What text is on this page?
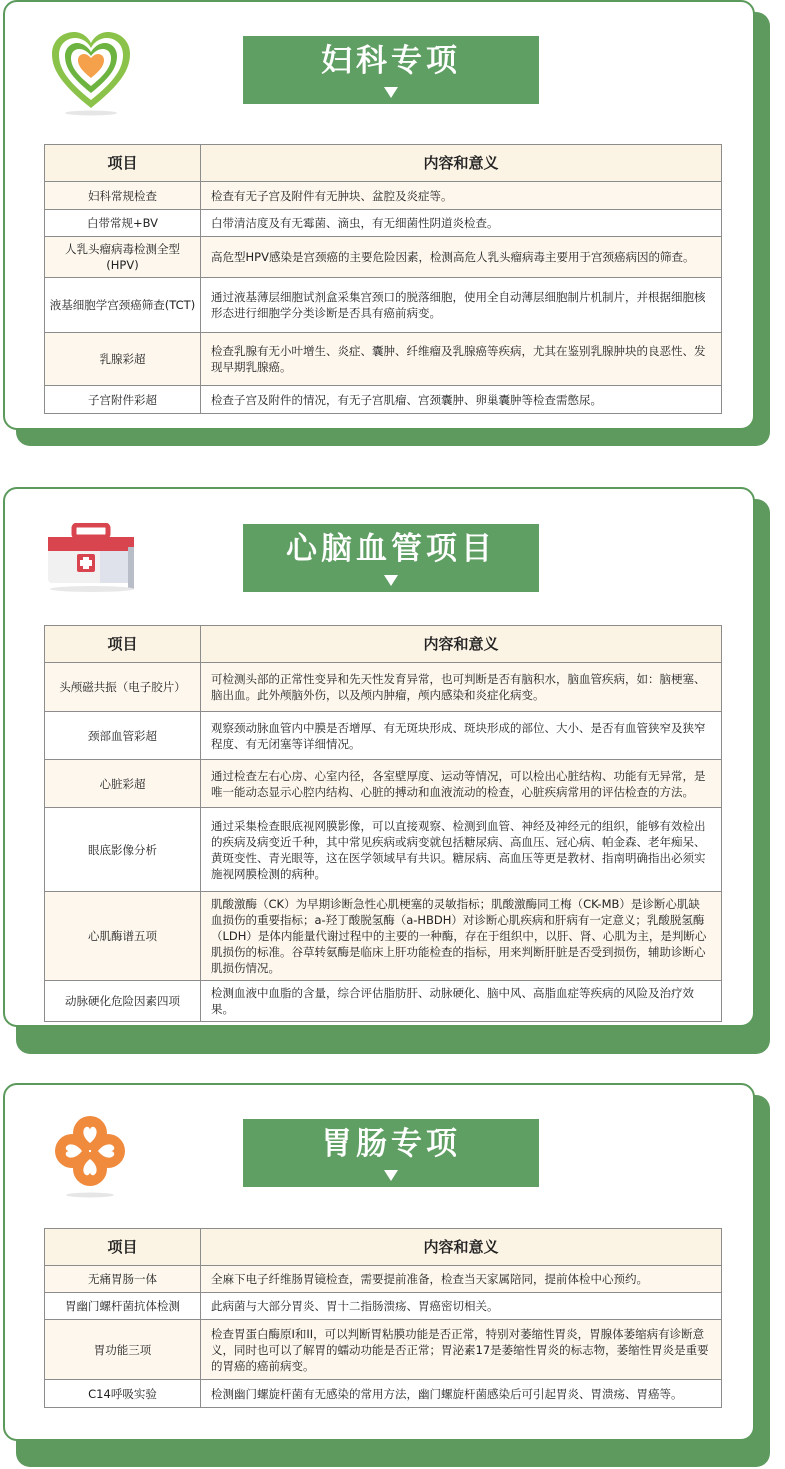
妇科专项
项目	内容和意义
妇科常规检查	检查有无子宫及附件有无肿块、盆腔及炎症等。
白带常规+BV	白带清洁度及有无霉菌、滴虫，有无细菌性阴道炎检查。
人乳头瘤病毒检测全型(HPV)	高危型HPV感染是宫颈癌的主要危险因素，检测高危人乳头瘤病毒主要用于宫颈癌病因的筛查。
液基细胞学宫颈癌筛查(TCT)	通过液基薄层细胞试剂盒采集宫颈口的脱落细胞，使用全自动薄层细胞制片机制片，并根据细胞核形态进行细胞学分类诊断是否具有癌前病变。
乳腺彩超	检查乳腺有无小叶增生、炎症、囊肿、纤维瘤及乳腺癌等疾病，尤其在鉴别乳腺肿块的良恶性、发现早期乳腺癌。
子宫附件彩超	检查子宫及附件的情况，有无子宫肌瘤、宫颈囊肿、卵巢囊肿等检查需憋尿。
心脑血管项目
项目	内容和意义
头颅磁共振（电子胶片）	可检测头部的正常性变异和先天性发育异常，也可判断是否有脑积水，脑血管疾病，如：脑梗塞、脑出血。此外颅脑外伤，以及颅内肿瘤，颅内感染和炎症化病变。
颈部血管彩超	观察颈动脉血管内中膜是否增厚、有无斑块形成、斑块形成的部位、大小、是否有血管狭窄及狭窄程度、有无闭塞等详细情况。
心脏彩超	通过检查左右心房、心室内径，各室壁厚度、运动等情况，可以检出心脏结构、功能有无异常，是唯一能动态显示心腔内结构、心脏的搏动和血液流动的检查，心脏疾病常用的评估检查的方法。
眼底影像分析	通过采集检查眼底视网膜影像，可以直接观察、检测到血管、神经及神经元的组织，能够有效检出的疾病及病变近千种，其中常见疾病或病变就包括糖尿病、高血压、冠心病、帕金森、老年痴呆、黄斑变性、青光眼等，这在医学领域早有共识。糖尿病、高血压等更是教材、指南明确指出必须实施视网膜检测的病种。
心肌酶谱五项	肌酸激酶（CK）为早期诊断急性心肌梗塞的灵敏指标；肌酸激酶同工梅（CK-MB）是诊断心肌缺血损伤的重要指标；a-羟丁酸脱氢酶（a-HBDH）对诊断心肌疾病和肝病有一定意义；乳酸脱氢酶（LDH）是体内能量代谢过程中的主要的一种酶，存在于组织中，以肝、肾、心肌为主，是判断心肌损伤的标准。谷草转氨酶是临床上肝功能检查的指标，用来判断肝脏是否受到损伤，辅助诊断心肌损伤情况。
动脉硬化危险因素四项	检测血液中血脂的含量，综合评估脂肪肝、动脉硬化、脑中风、高脂血症等疾病的风险及治疗效果。
胃肠专项
项目	内容和意义
无痛胃肠一体	全麻下电子纤维肠胃镜检查，需要提前准备，检查当天家属陪同，提前体检中心预约。
胃幽门螺杆菌抗体检测	此病菌与大部分胃炎、胃十二指肠溃疡、胃癌密切相关。
胃功能三项	检查胃蛋白酶原I和II，可以判断胃粘膜功能是否正常，特别对萎缩性胃炎，胃腺体萎缩病有诊断意义，同时也可以了解胃的蠕动功能是否正常；胃泌素17是萎缩性胃炎的标志物，萎缩性胃炎是重要的胃癌的癌前病变。
C14呼吸实验	检测幽门螺旋杆菌有无感染的常用方法，幽门螺旋杆菌感染后可引起胃炎、胃溃疡、胃癌等。
